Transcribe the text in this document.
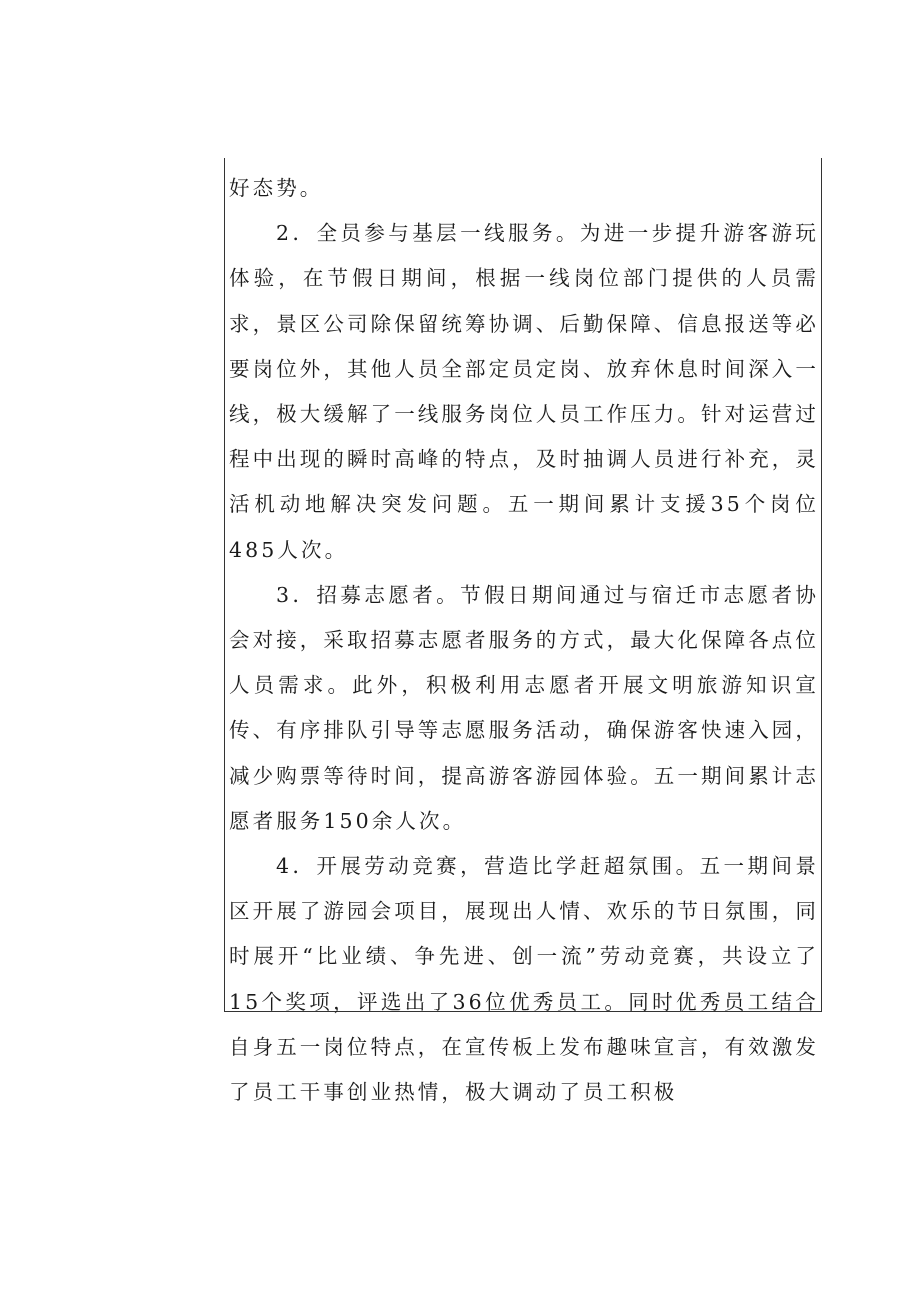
好态势。

2．全员参与基层一线服务。为进一步提升游客游玩体验，在节假日期间，根据一线岗位部门提供的人员需求，景区公司除保留统筹协调、后勤保障、信息报送等必要岗位外，其他人员全部定员定岗、放弃休息时间深入一线，极大缓解了一线服务岗位人员工作压力。针对运营过程中出现的瞬时高峰的特点，及时抽调人员进行补充，灵活机动地解决突发问题。五一期间累计支援35个岗位485人次。

3．招募志愿者。节假日期间通过与宿迁市志愿者协会对接，采取招募志愿者服务的方式，最大化保障各点位人员需求。此外，积极利用志愿者开展文明旅游知识宣传、有序排队引导等志愿服务活动，确保游客快速入园，减少购票等待时间，提高游客游园体验。五一期间累计志愿者服务150余人次。

4．开展劳动竞赛，营造比学赶超氛围。五一期间景区开展了游园会项目，展现出人情、欢乐的节日氛围，同时展开“比业绩、争先进、创一流”劳动竞赛，共设立了15个奖项，评选出了36位优秀员工。同时优秀员工结合自身五一岗位特点，在宣传板上发布趣味宣言，有效激发了员工干事创业热情，极大调动了员工积极
